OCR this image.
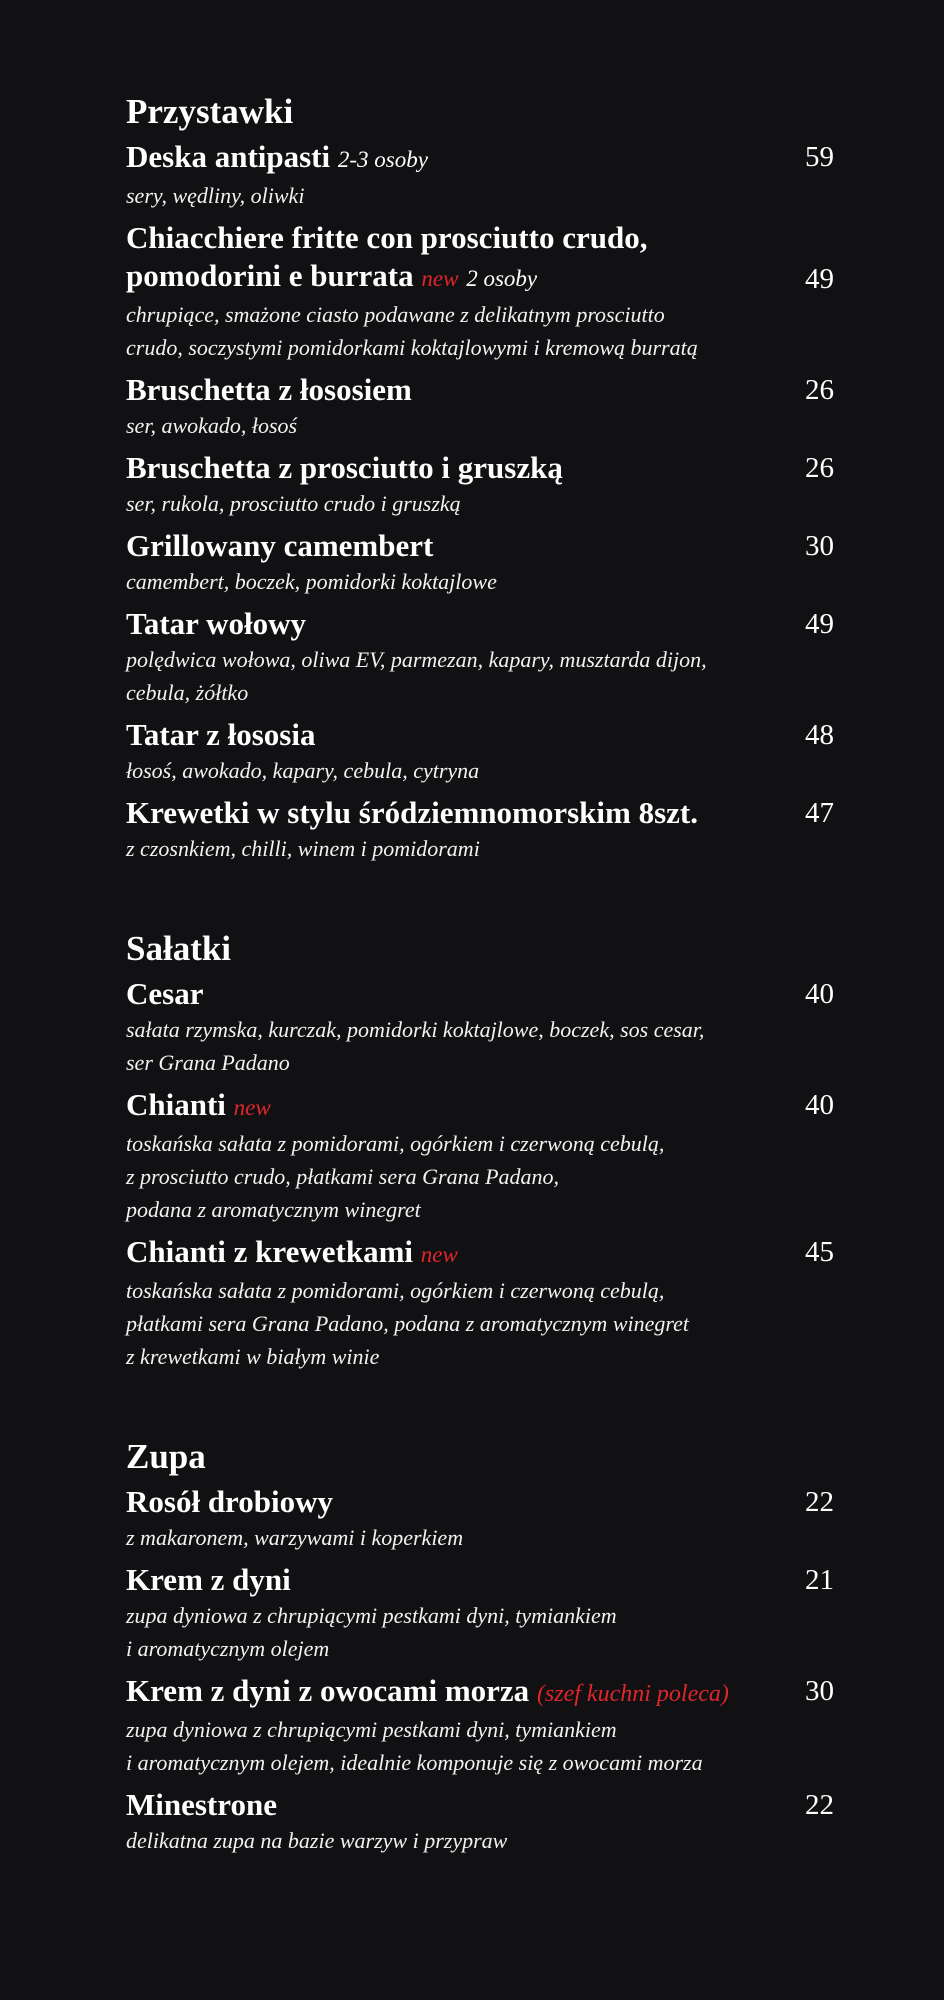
Przystawki
Deska antipasti 2-3 osoby	59
sery, wędliny, oliwki
Chiacchiere fritte con prosciutto crudo,
pomodorini e burrata new 2 osoby	49
chrupiące, smażone ciasto podawane z delikatnym prosciutto
crudo, soczystymi pomidorkami koktajlowymi i kremową burratą
Bruschetta z łososiem	26
ser, awokado, łosoś
Bruschetta z prosciutto i gruszką	26
ser, rukola, prosciutto crudo i gruszką
Grillowany camembert	30
camembert, boczek, pomidorki koktajlowe
Tatar wołowy	49
polędwica wołowa, oliwa EV, parmezan, kapary, musztarda dijon,
cebula, żółtko
Tatar z łososia	48
łosoś, awokado, kapary, cebula, cytryna
Krewetki w stylu śródziemnomorskim 8szt.	47
z czosnkiem, chilli, winem i pomidorami
Sałatki
Cesar	40
sałata rzymska, kurczak, pomidorki koktajlowe, boczek, sos cesar,
ser Grana Padano
Chianti new	40
toskańska sałata z pomidorami, ogórkiem i czerwoną cebulą,
z prosciutto crudo, płatkami sera Grana Padano,
podana z aromatycznym winegret
Chianti z krewetkami new	45
toskańska sałata z pomidorami, ogórkiem i czerwoną cebulą,
płatkami sera Grana Padano, podana z aromatycznym winegret
z krewetkami w białym winie
Zupa
Rosół drobiowy	22
z makaronem, warzywami i koperkiem
Krem z dyni	21
zupa dyniowa z chrupiącymi pestkami dyni, tymiankiem
i aromatycznym olejem
Krem z dyni z owocami morza (szef kuchni poleca)	30
zupa dyniowa z chrupiącymi pestkami dyni, tymiankiem
i aromatycznym olejem, idealnie komponuje się z owocami morza
Minestrone	22
delikatna zupa na bazie warzyw i przypraw
